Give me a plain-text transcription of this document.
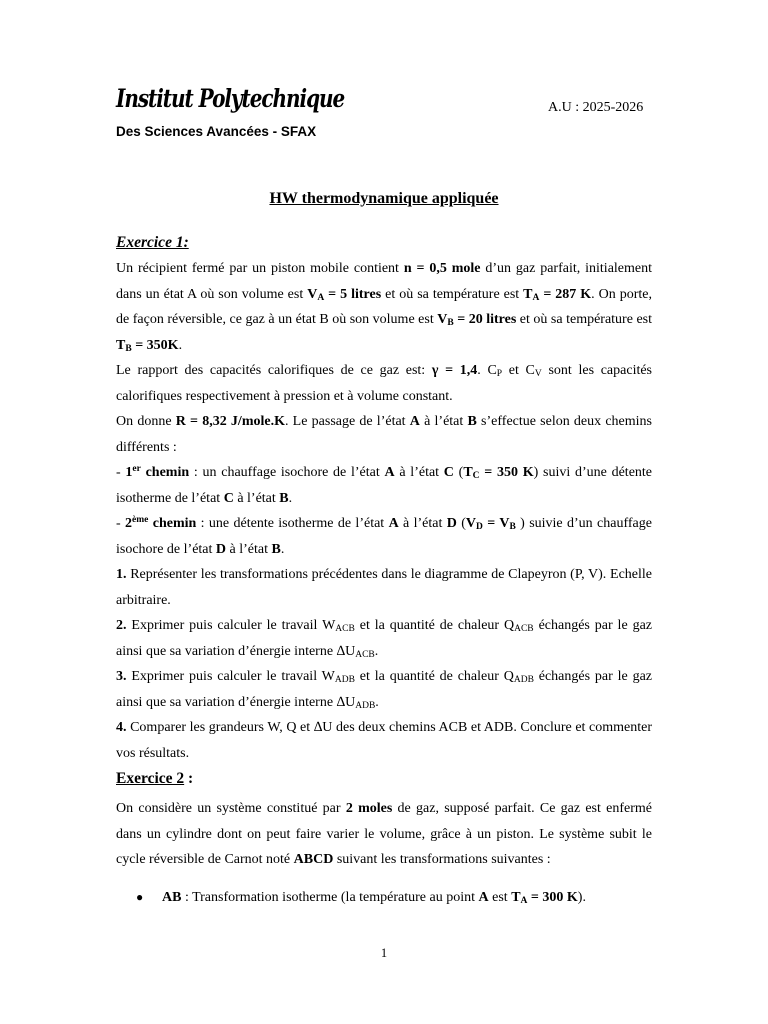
Institut Polytechnique
Des Sciences Avancées - SFAX
A.U : 2025-2026
HW thermodynamique appliquée
Exercice 1:

Un récipient fermé par un piston mobile contient n = 0,5 mole d’un gaz parfait, initialement dans un état A où son volume est $V_A = 5$ litres et où sa température est $T_A = 287$ K. On porte, de façon réversible, ce gaz à un état B où son volume est $V_B = 20$ litres et où sa température est $T_B = 350K$.

Le rapport des capacités calorifiques de ce gaz est: γ = 1,4. $C_P$ et $C_V$ sont les capacités calorifiques respectivement à pression et à volume constant.

On donne R = 8,32 J/mole.K. Le passage de l’état A à l’état B s’effectue selon deux chemins différents :

- 1er chemin : un chauffage isochore de l’état A à l’état C ($T_C = 350$ K) suivi d’une détente isotherme de l’état C à l’état B.

- 2ème chemin : une détente isotherme de l’état A à l’état D ($V_D = V_B$ ) suivie d’un chauffage isochore de l’état D à l’état B.

1. Représenter les transformations précédentes dans le diagramme de Clapeyron (P, V). Echelle arbitraire.

2. Exprimer puis calculer le travail $W_{ACB}$ et la quantité de chaleur $Q_{ACB}$ échangés par le gaz ainsi que sa variation d’énergie interne $\Delta U_{ACB}$.

3. Exprimer puis calculer le travail $W_{ADB}$ et la quantité de chaleur $Q_{ADB}$ échangés par le gaz ainsi que sa variation d’énergie interne $\Delta U_{ADB}$.

4. Comparer les grandeurs W, Q et ∆U des deux chemins ACB et ADB. Conclure et commenter vos résultats.

Exercice 2 :

On considère un système constitué par 2 moles de gaz, supposé parfait. Ce gaz est enfermé dans un cylindre dont on peut faire varier le volume, grâce à un piston. Le système subit le cycle réversible de Carnot noté ABCD suivant les transformations suivantes :

●	AB : Transformation isotherme (la température au point A est $T_A = 300$ K).
1
